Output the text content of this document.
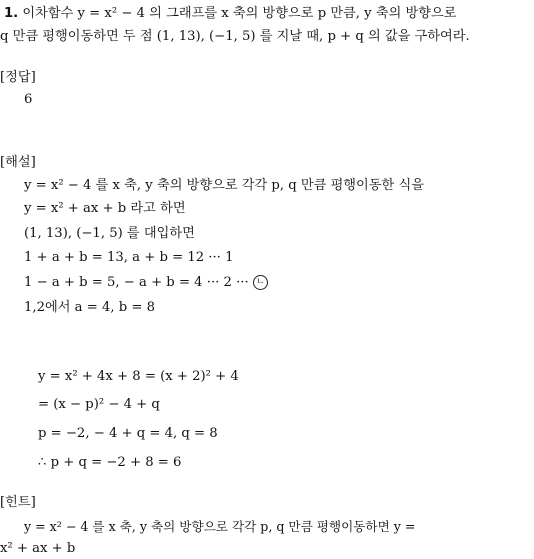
1. 이차함수 y = x² − 4 의 그래프를 x 축의 방향으로 p 만큼, y 축의 방향으로
q 만큼 평행이동하면 두 점 (1, 13), (−1, 5) 를 지날 때, p + q 의 값을 구하여라.
[정답]
6
[해설]
y = x² − 4 를 x 축, y 축의 방향으로 각각 p, q 만큼 평행이동한 식을
y = x² + ax + b 라고 하면
(1, 13), (−1, 5) 를 대입하면
1 + a + b = 13, a + b = 12 ··· 1
1 − a + b = 5, − a + b = 4 ··· 2 ··· ㄴ
1,2에서 a = 4, b = 8
y = x² + 4x + 8 = (x + 2)² + 4
= (x − p)² − 4 + q
p = −2, − 4 + q = 4, q = 8
∴ p + q = −2 + 8 = 6
[힌트]
y = x² − 4 를 x 축, y 축의 방향으로 각각 p, q 만큼 평행이동하면 y =
x² + ax + b
